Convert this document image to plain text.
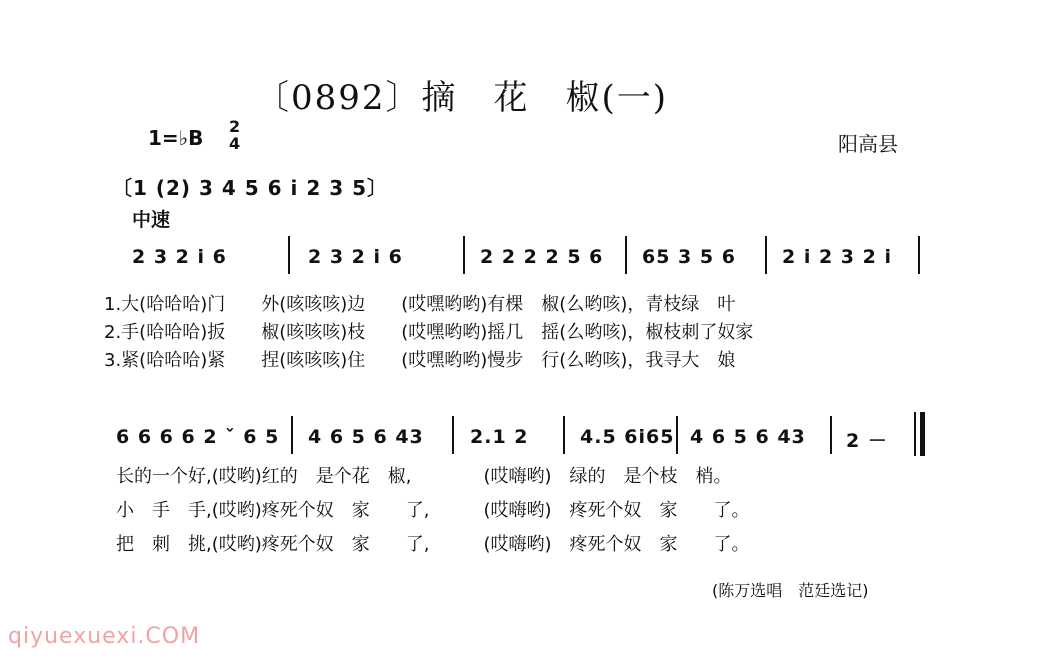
〔0892〕摘　花　椒(一)
1=♭B 2
4	阳高县
〔1 (2) 3 4 5 6 i 2 3 5〕
中速
2 3 2 i 6	2 3 2 i 6	2 2 2 2 5 6 65 3 5 6 2 i 2 3 2 i
1.大(哈哈哈)门　　外(咳咳咳)边　　(哎嘿哟哟)有棵　椒(么哟咳)，青枝绿　叶
2.手(哈哈哈)扳　　椒(咳咳咳)枝　　(哎嘿哟哟)摇几　摇(么哟咳)，椒枝刺了奴家
3.紧(哈哈哈)紧　　捏(咳咳咳)住　　(哎嘿哟哟)慢步　行(么哟咳)，我寻大　娘
6 6 6 6 2 ˇ 6 5 4 6 5 6 43 2.1 2	4.5 6i65 4 6 5 6 43 2 －
长的一个好,(哎哟)红的　是个花　椒,　　　　(哎嗨哟)　绿的　是个枝　梢。
小　手　手,(哎哟)疼死个奴　家　　了,　　　(哎嗨哟)　疼死个奴　家　　了。
把　刺　挑,(哎哟)疼死个奴　家　　了,　　　(哎嗨哟)　疼死个奴　家　　了。
(陈万选唱　范廷选记)
qiyuexuexi.COM
